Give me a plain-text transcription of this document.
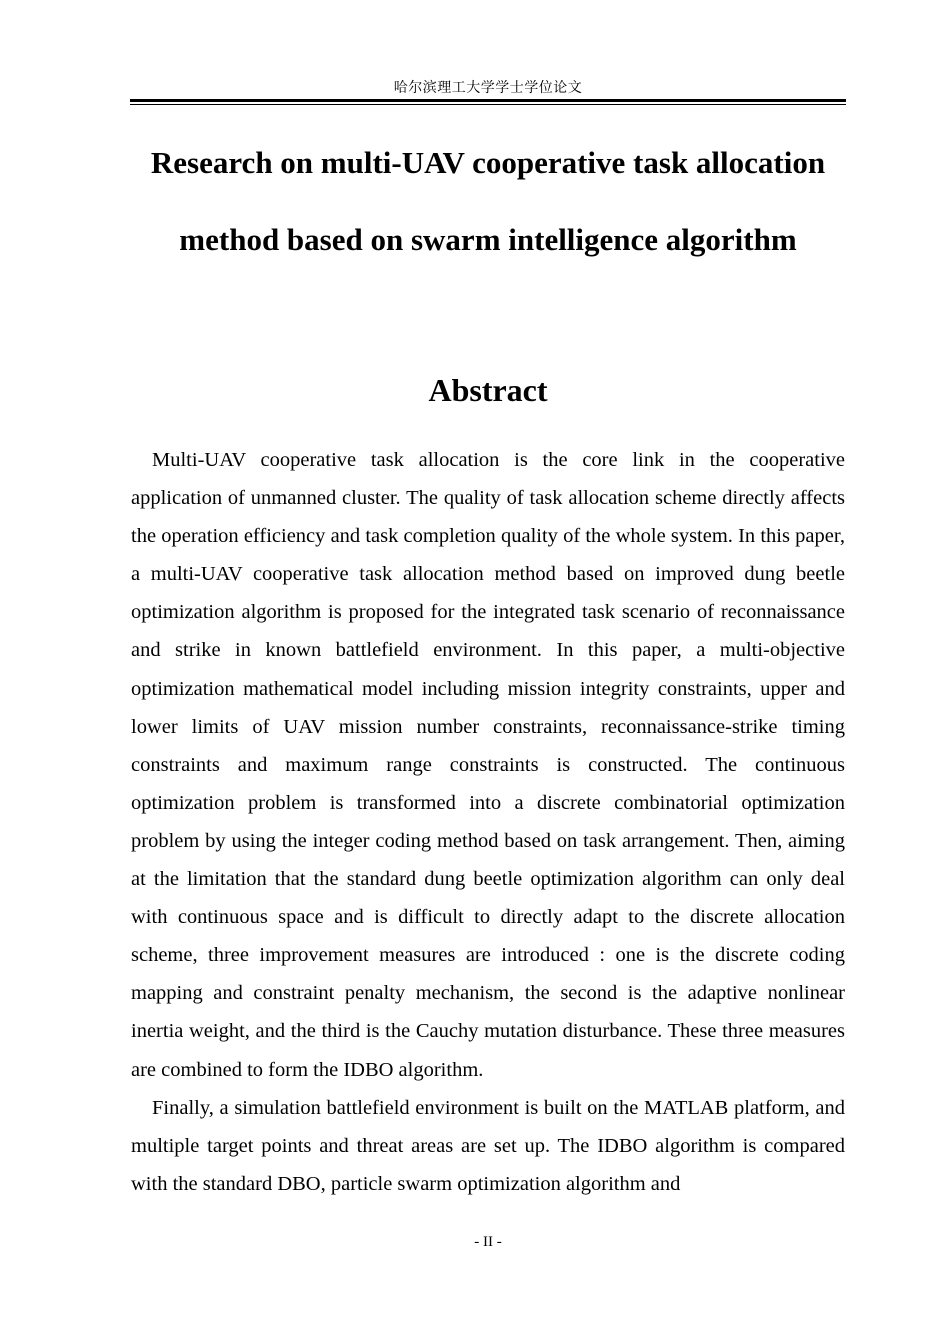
哈尔滨理工大学学士学位论文
Research on multi-UAV cooperative task allocation method based on swarm intelligence algorithm
Abstract

Multi-UAV cooperative task allocation is the core link in the cooperative application of unmanned cluster. The quality of task allocation scheme directly affects the operation efficiency and task completion quality of the whole system. In this paper, a multi-UAV cooperative task allocation method based on improved dung beetle optimization algorithm is proposed for the integrated task scenario of reconnaissance and strike in known battlefield environment. In this paper, a multi-objective optimization mathematical model including mission integrity constraints, upper and lower limits of UAV mission number constraints, reconnaissance-strike timing constraints and maximum range constraints is constructed. The continuous optimization problem is transformed into a discrete combinatorial optimization problem by using the integer coding method based on task arrangement. Then, aiming at the limitation that the standard dung beetle optimization algorithm can only deal with continuous space and is difficult to directly adapt to the discrete allocation scheme, three improvement measures are introduced : one is the discrete coding mapping and constraint penalty mechanism, the second is the adaptive nonlinear inertia weight, and the third is the Cauchy mutation disturbance. These three measures are combined to form the IDBO algorithm.

Finally, a simulation battlefield environment is built on the MATLAB platform, and multiple target points and threat areas are set up. The IDBO algorithm is compared with the standard DBO, particle swarm optimization algorithm and

- II -
